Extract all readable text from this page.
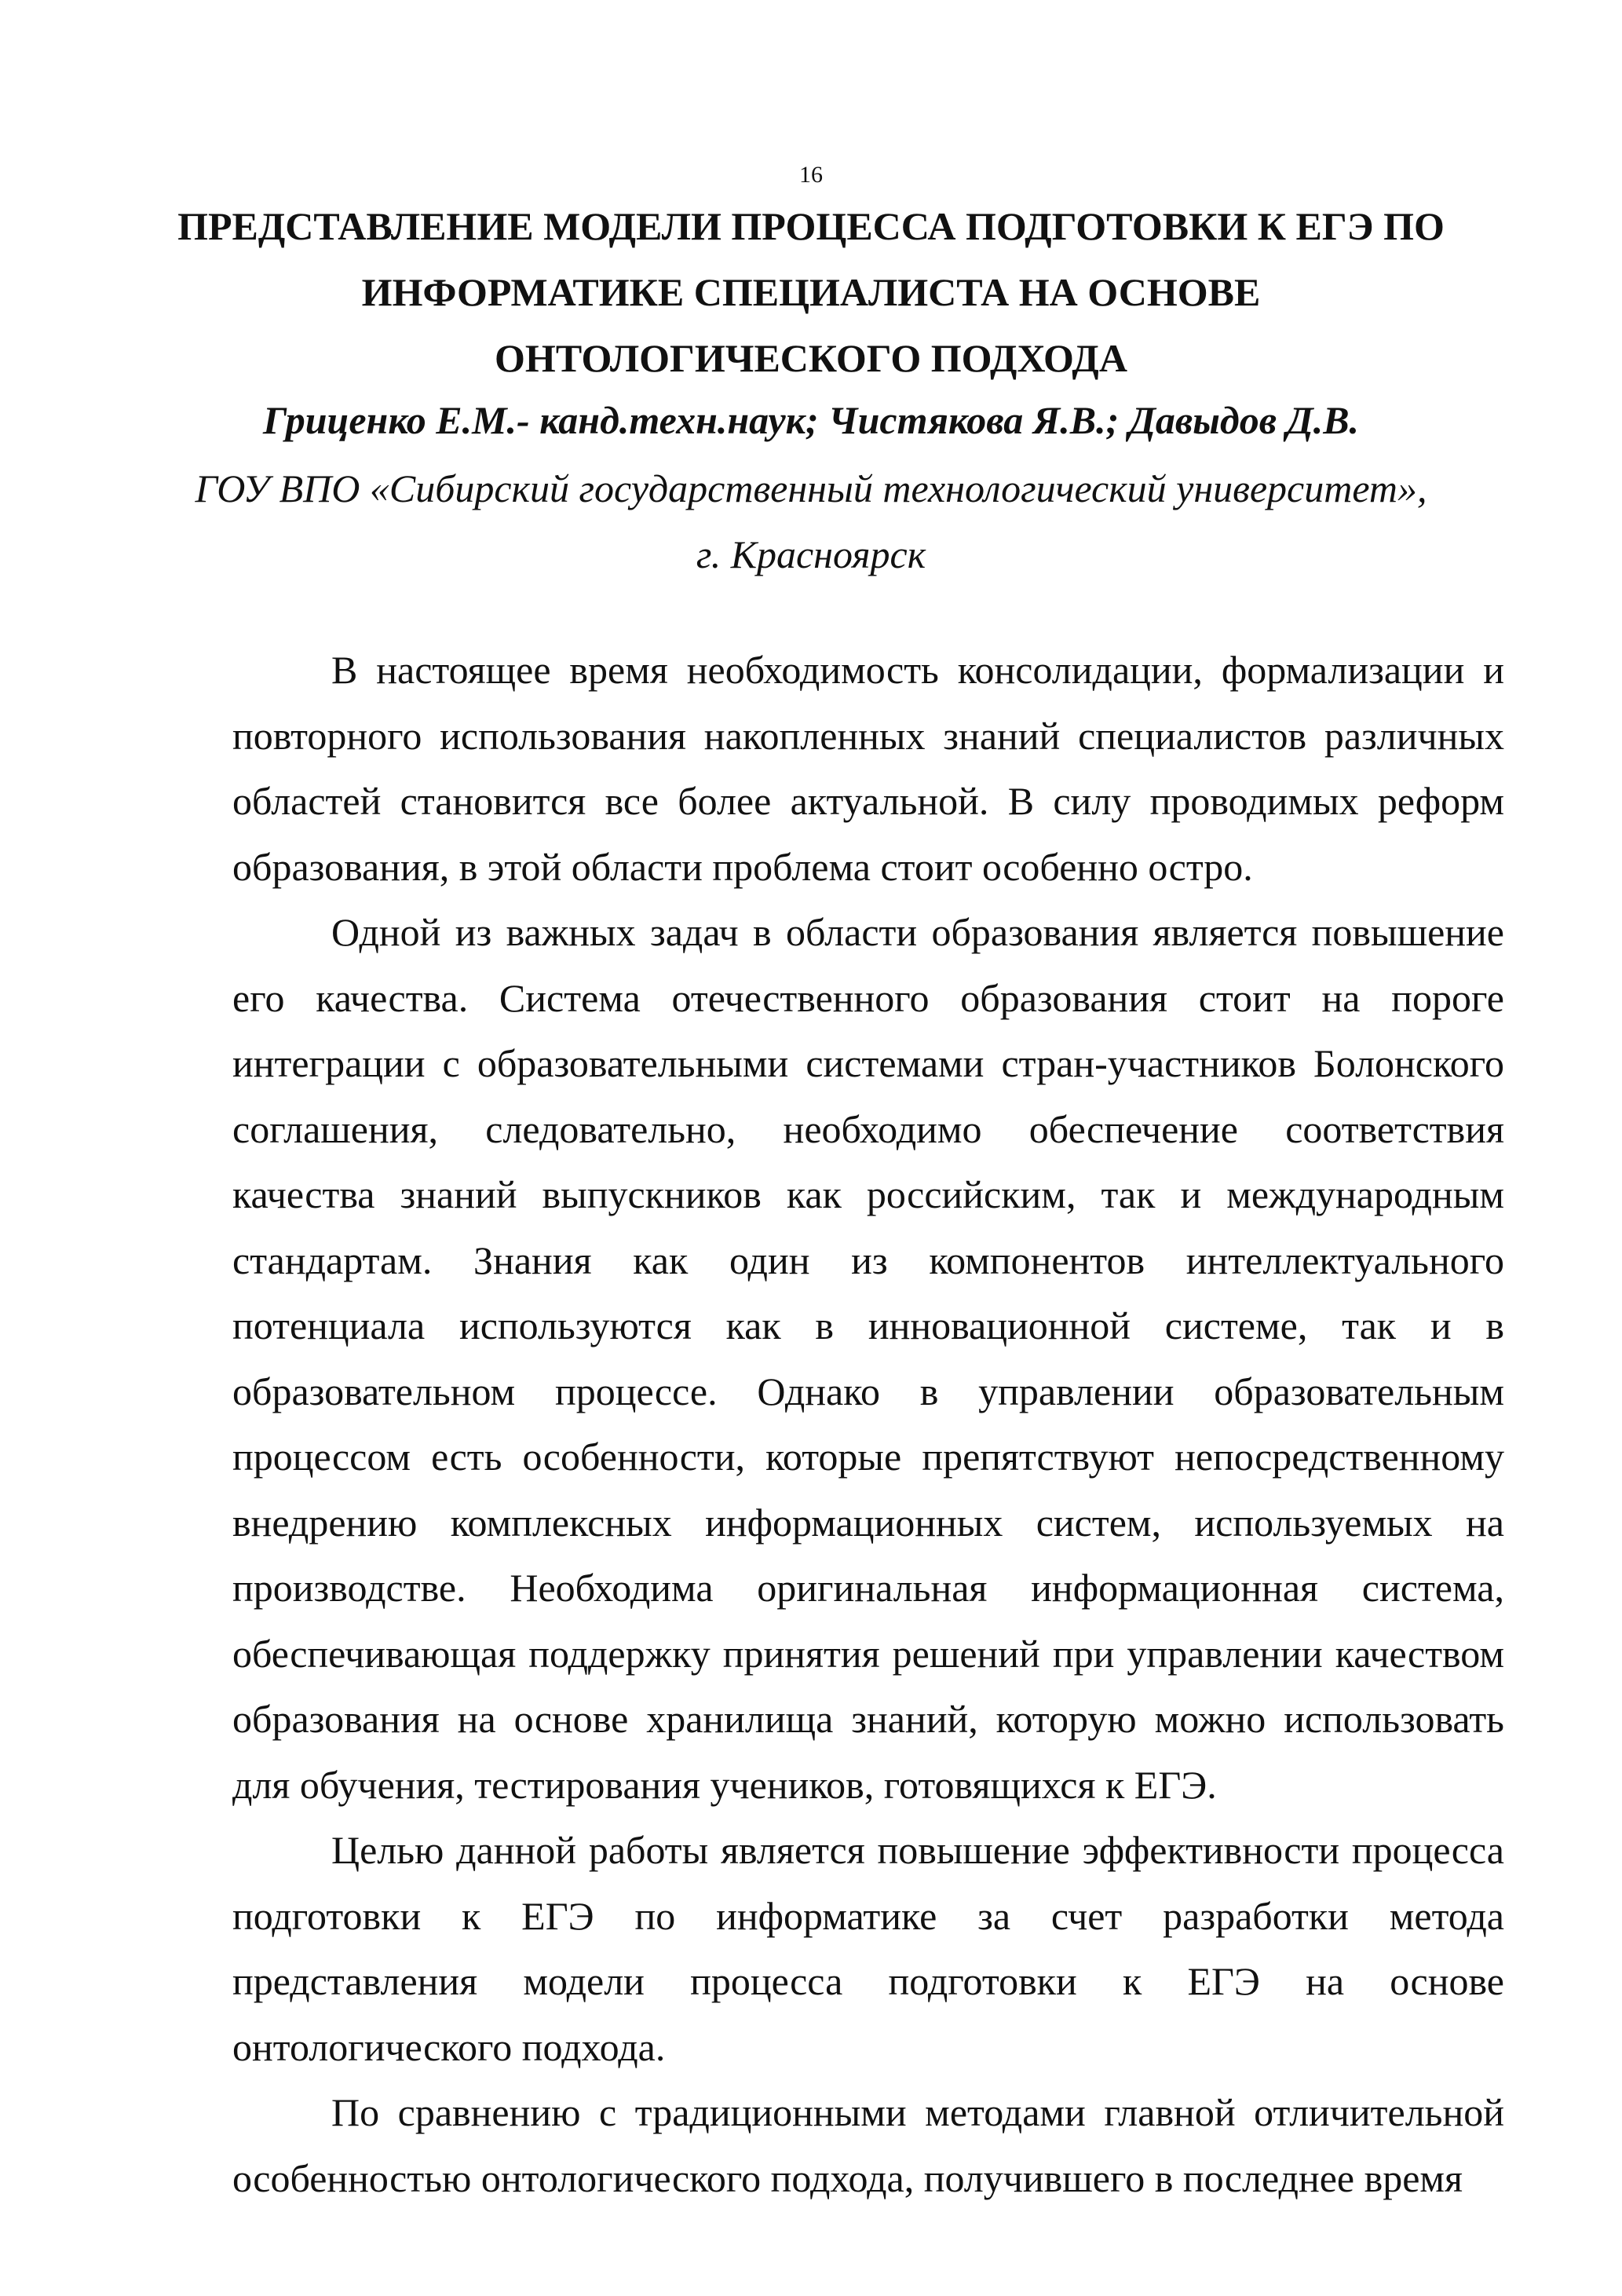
16
ПРЕДСТАВЛЕНИЕ МОДЕЛИ ПРОЦЕССА ПОДГОТОВКИ К ЕГЭ ПО
ИНФОРМАТИКЕ СПЕЦИАЛИСТА НА ОСНОВЕ
ОНТОЛОГИЧЕСКОГО ПОДХОДА
Гриценко Е.М.- канд.техн.наук; Чистякова Я.В.; Давыдов Д.В.
ГОУ ВПО «Сибирский государственный технологический университет»,
г. Красноярск

В настоящее время необходимость консолидации, формализации и повторного использования накопленных знаний специалистов различных областей становится все более актуальной. В силу проводимых реформ образования, в этой области проблема стоит особенно остро.

Одной из важных задач в области образования является повышение его качества. Система отечественного образования стоит на пороге интеграции с образовательными системами стран-участников Болонского соглашения, следовательно, необходимо обеспечение соответствия качества знаний выпускников как российским, так и международным стандартам. Знания как один из компонентов интеллектуального потенциала используются как в инновационной системе, так и в образовательном процессе. Однако в управлении образовательным процессом есть особенности, которые препятствуют непосредственному внедрению комплексных информационных систем, используемых на производстве. Необходима оригинальная информационная система, обеспечивающая поддержку принятия решений при управлении качеством образования на основе хранилища знаний, которую можно использовать для обучения, тестирования учеников, готовящихся к ЕГЭ.

Целью данной работы является повышение эффективности процесса подготовки к ЕГЭ по информатике за счет разработки метода представления модели процесса подготовки к ЕГЭ на основе онтологического подхода.

По сравнению с традиционными методами главной отличительной особенностью онтологического подхода, получившего в последнее время
